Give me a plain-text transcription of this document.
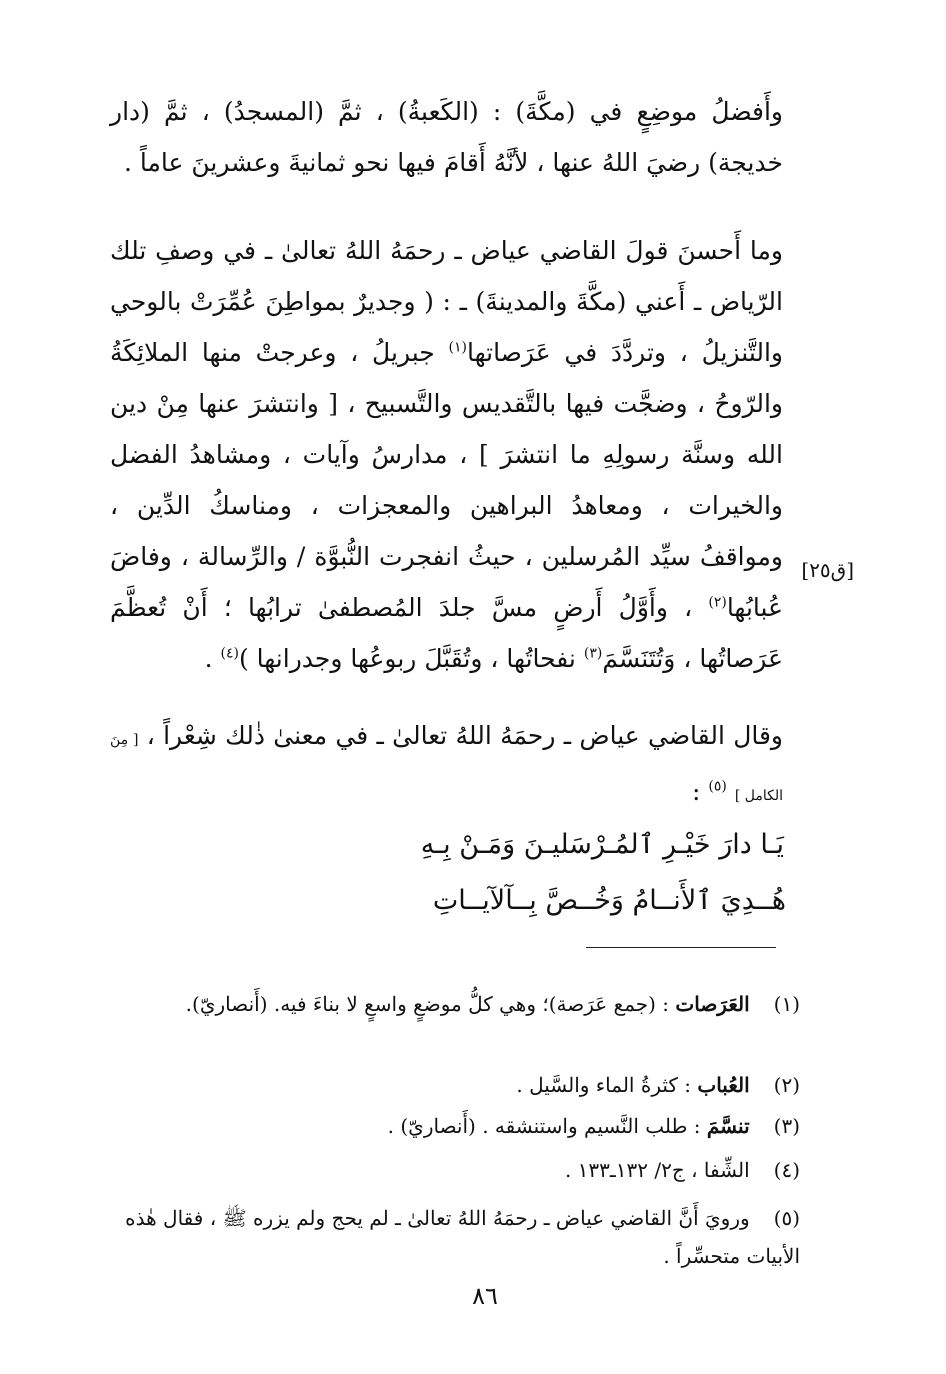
وأَفضلُ موضِعٍ في (مكَّةَ) : (الكَعبةُ) ، ثمَّ (المسجدُ) ، ثمَّ (دار خديجة) رضيَ اللهُ عنها ، لأنَّهُ أَقامَ فيها نحو ثمانيةَ وعشرينَ عاماً .

وما أَحسنَ قولَ القاضي عياض ـ رحمَهُ اللهُ تعالىٰ ـ في وصفِ تلك الرّياض ـ أَعني (مكَّةَ والمدينةَ) ـ : ( وجديرٌ بمواطِنَ عُمِّرَتْ بالوحي والتَّنزيلُ ، وتردَّدَ في عَرَصاتها$^{(١)}$ جبريلُ ، وعرجتْ منها الملائِكَةُ والرّوحُ ، وضجَّت فيها بالتَّقديس والتَّسبيح ، [ وانتشرَ عنها مِنْ دين الله وسنَّة رسولِهِ ما انتشرَ ] ، مدارسُ وآيات ، ومشاهدُ الفضل والخيرات ، ومعاهدُ البراهين والمعجزات ، ومناسكُ الدِّين ، ومواقفُ سيِّد المُرسلين ، حيثُ انفجرت النُّبوَّة / والرِّسالة ، وفاضَ عُبابُها$^{(٢)}$ ، وأَوَّلُ أَرضٍ مسَّ جلدَ المُصطفىٰ ترابُها ؛ أَنْ تُعظَّمَ عَرَصاتُها ، وَتُتَنَسَّمَ$^{(٣)}$ نفحاتُها ، وتُقَبَّلَ ربوعُها وجدرانها )$^{(٤)}$ .

[ق٢٥]

وقال القاضي عياض ـ رحمَهُ اللهُ تعالىٰ ـ في معنىٰ ذٰلك شِعْراً ، [ مِنَ الكامل ] $^{(٥)}$ :

يَـا دارَ خَيْـرِ ٱلمُـرْسَليـنَ وَمَـنْ بِـهِ
هُــدِيَ ٱلأَنــامُ وَخُــصَّ بِــآلآيــاتِ
(١) العَرَصات : (جمع عَرَصة)؛ وهي كلُّ موضعٍ واسعٍ لا بناءَ فيه. (أَنصاريّ).
(٢) العُباب : كثرةُ الماء والسَّيل .
(٣) تنسَّمَ : طلب النَّسيم واستنشقه . (أَنصاريّ) .
(٤) الشِّفا ، ج٢/ ١٣٢ـ١٣٣ .
(٥) ورويَ أَنَّ القاضي عياض ـ رحمَهُ اللهُ تعالىٰ ـ لم يحج ولم يزره ﷺ ، فقال هٰذه الأبيات متحسِّراً .
٨٦
